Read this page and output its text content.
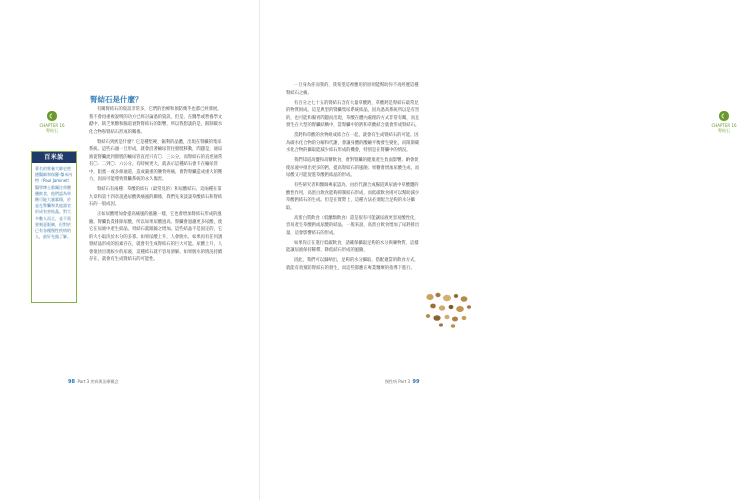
CHAPTER 16
腎結石
百米說

著名的營養大師史密德醫師和保羅·傑米內特（Paul Jaminet）醫學博士都關注草酸鹽飲食，他們認為草酸可能大量累積，於是在腎臟和其他器官形成有害結晶。對大多數人而言，並不需要刻意限制，但對於已有各種慢性疾病的人，最好先做了解。

腎結石是什麼？

有關腎結石的資訊非常多，它們的治療和預防幾乎也都已經發展。我不會再重複說明的功方已經討論過的資訊，但是，在醫學或營養學文獻中，缺乏果糖和腸道衰對腎結石的影響，所以我想談的是，限制碳水化合物和腎結石形成的關係。

腎結石到底是什麼？它是種堅硬、鋸利的晶體，出現在腎臟的集尿系統。這些石頭一旦形成，就會沿著輸尿管往膀胱移動，問題是，通尿液從腎臟流到膀胱的輸尿管直徑只有〇．三公分，而腎結石的直徑通常有〇．二到〇．六公分。有時候更大，就表示這種結石會卡在輸尿管中，阻塞一或多條通道，造成嚴重的腰背疼痛，會對腎臟造成重大的壓力，因而可能導致腎臟系統的永久傷害。

腎結石有兩種：草酸的結石（最常見的）和尿酸結石，這兩種在第九章和第十四章說過尿酸與痛風的關係，我們先來談談草酸結石和腎結石的一般成因。

正如尿酸增加會提高痛風的風險一樣，它也會增加腎結石形成的風險。腎臟負責排除尿酸，所以如果尿酸過高，腎臟會過濾更多尿酸，使它在尿液中產生結晶，肾結石就跟隨之增加。這些結晶不是固定的，它的大小取決於水分的多寡。如果尿酸上升，人會脫水，如果再有任何誘發結晶形成的因素存在，就會有生成腎結石的巨大可能。尿酸上升，人會很快出現較少的尿液，這種結石就不容易溶解。如果脫水的情況持續存在，就會有生成腎結石的可能性。

98 Part 3 疾病與治療概念
CHAPTER 16
腎結石

一旦身為你而我的，我希望這裡應用的原則能幫助你不再經歷這種腎結石之痛。

有百分之七十五的腎結石含有大量草酸鈣，草酸鈣是腎結石最常見的物質組成。這是典型的腎臟集尿系統結晶，因為過高系統所以是有害的，也可能和腸胃問題而出現，草酸在體內處理的方式非常有關，而且發生在大型的腎臟結構中，當腎臟中的鈣和草酸結合就會形成腎結石。

當鈣和草酸的食物組成結合在一起，就會有生成腎結石的可能。因為碳水化合物的分解和代謝，會讓身體的酸鹼平衡發生變化，而限制碳水化合物的攝取能減少結石形成的機會，特別是在腎臟中的情況。

我們知道高鹽和高糖飲食，會對腎臟的健康產生負面影響。鈉會促使尿液中排出更多的鈣，提高腎結石的風險；果糖會增加尿酸生成，而尿酸又可能促進草酸鈣結晶的形成。

有些研究者和醫師專家認為，由於代謝合成腸道與尿液中草酸鹽的酸性作用，高蛋白飲食能夠抑制結石形成，而低碳飲食則可以幫助減少草酸鈣結石的生成。但是在實際上，這種方法必須配合足夠的水分攝取。

高蛋白質飲食（低醣類飲食）還是很有可能讓尿液更容易酸性化，容易產生草酸鈣或尿酸的結晶，一般來說，高蛋白飲食增加了尿鈣排出量，這會影響結石的形成。

如果你正在進行低碳飲食，請確保攝取足夠的水分與礦物質，這樣能讓尿液保持稀釋，降低結石形成的風險。

因此，我們可以歸納出，足夠的水分攝取，搭配適當的飲食方式，就能有效預防腎結石的發生，而這些都應在專業醫療的指導下進行。

慢性病 Part 3 99
